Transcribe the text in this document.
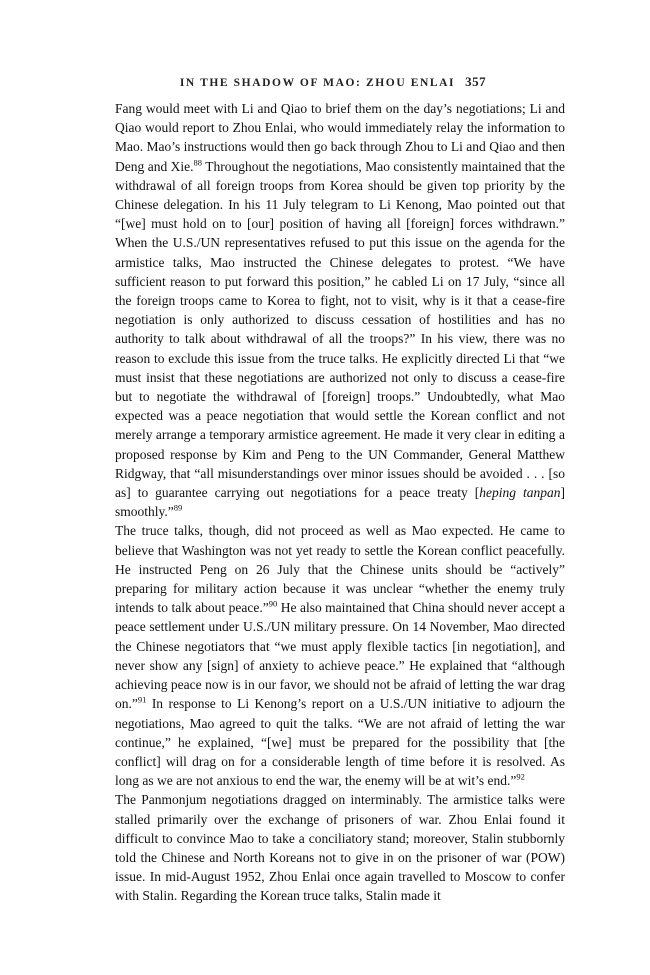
IN THE SHADOW OF MAO: ZHOU ENLAI 357

Fang would meet with Li and Qiao to brief them on the day’s negotiations; Li and Qiao would report to Zhou Enlai, who would immediately relay the information to Mao. Mao’s instructions would then go back through Zhou to Li and Qiao and then Deng and Xie.$^{88}$ Throughout the negotiations, Mao consistently maintained that the withdrawal of all foreign troops from Korea should be given top priority by the Chinese delegation. In his 11 July telegram to Li Kenong, Mao pointed out that “[we] must hold on to [our] position of having all [foreign] forces withdrawn.” When the U.S./UN representatives refused to put this issue on the agenda for the armistice talks, Mao instructed the Chinese delegates to protest. “We have sufficient reason to put forward this position,” he cabled Li on 17 July, “since all the foreign troops came to Korea to fight, not to visit, why is it that a cease-fire negotiation is only authorized to discuss cessation of hostilities and has no authority to talk about withdrawal of all the troops?” In his view, there was no reason to exclude this issue from the truce talks. He explicitly directed Li that “we must insist that these negotiations are authorized not only to discuss a cease-fire but to negotiate the withdrawal of [foreign] troops.” Undoubtedly, what Mao expected was a peace negotiation that would settle the Korean conflict and not merely arrange a temporary armistice agreement. He made it very clear in editing a proposed response by Kim and Peng to the UN Commander, General Matthew Ridgway, that “all misunderstandings over minor issues should be avoided . . . [so as] to guarantee carrying out negotiations for a peace treaty [heping tanpan] smoothly.”$^{89}$

The truce talks, though, did not proceed as well as Mao expected. He came to believe that Washington was not yet ready to settle the Korean conflict peacefully. He instructed Peng on 26 July that the Chinese units should be “actively” preparing for military action because it was unclear “whether the enemy truly intends to talk about peace.”$^{90}$ He also maintained that China should never accept a peace settlement under U.S./UN military pressure. On 14 November, Mao directed the Chinese negotiators that “we must apply flexible tactics [in negotiation], and never show any [sign] of anxiety to achieve peace.” He explained that “although achieving peace now is in our favor, we should not be afraid of letting the war drag on.”$^{91}$ In response to Li Kenong’s report on a U.S./UN initiative to adjourn the negotiations, Mao agreed to quit the talks. “We are not afraid of letting the war continue,” he explained, “[we] must be prepared for the possibility that [the conflict] will drag on for a considerable length of time before it is resolved. As long as we are not anxious to end the war, the enemy will be at wit’s end.”$^{92}$

The Panmonjum negotiations dragged on interminably. The armistice talks were stalled primarily over the exchange of prisoners of war. Zhou Enlai found it difficult to convince Mao to take a conciliatory stand; moreover, Stalin stubbornly told the Chinese and North Koreans not to give in on the prisoner of war (POW) issue. In mid-August 1952, Zhou Enlai once again travelled to Moscow to confer with Stalin. Regarding the Korean truce talks, Stalin made it
